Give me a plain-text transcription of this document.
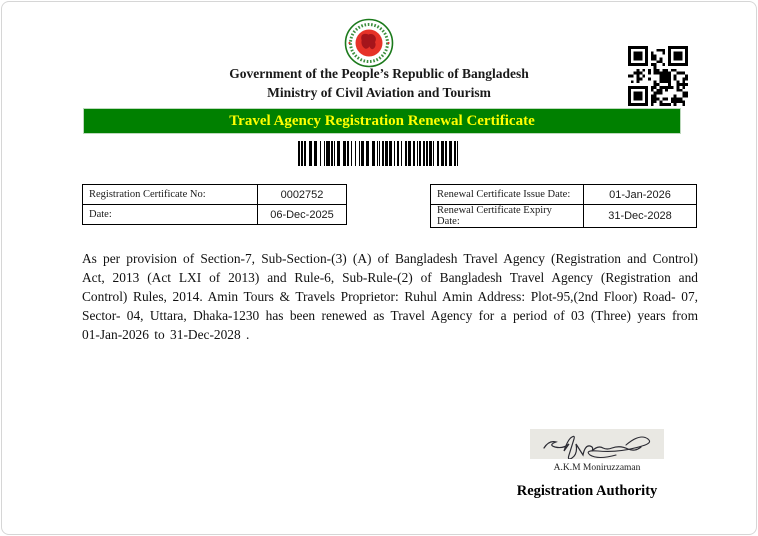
Government of the People’s Republic of Bangladesh
Ministry of Civil Aviation and Tourism
Travel Agency Registration Renewal Certificate
Registration Certificate No:	0002752
Date:	06-Dec-2025
Renewal Certificate Issue Date:	01-Jan-2026
Renewal Certificate Expiry Date:	31-Dec-2028
As per provision of Section-7, Sub-Section-(3) (A) of Bangladesh Travel Agency (Registration and Control) Act, 2013 (Act LXI of 2013) and Rule-6, Sub-Rule-(2) of Bangladesh Travel Agency (Registration and Control) Rules, 2014. Amin Tours & Travels Proprietor: Ruhul Amin Address: Plot-95,(2nd Floor) Road- 07, Sector- 04, Uttara, Dhaka-1230 has been renewed as Travel Agency for a period of 03 (Three) years from 01-Jan-2026 to 31-Dec-2028 .
A.K.M Moniruzzaman
Registration Authority
